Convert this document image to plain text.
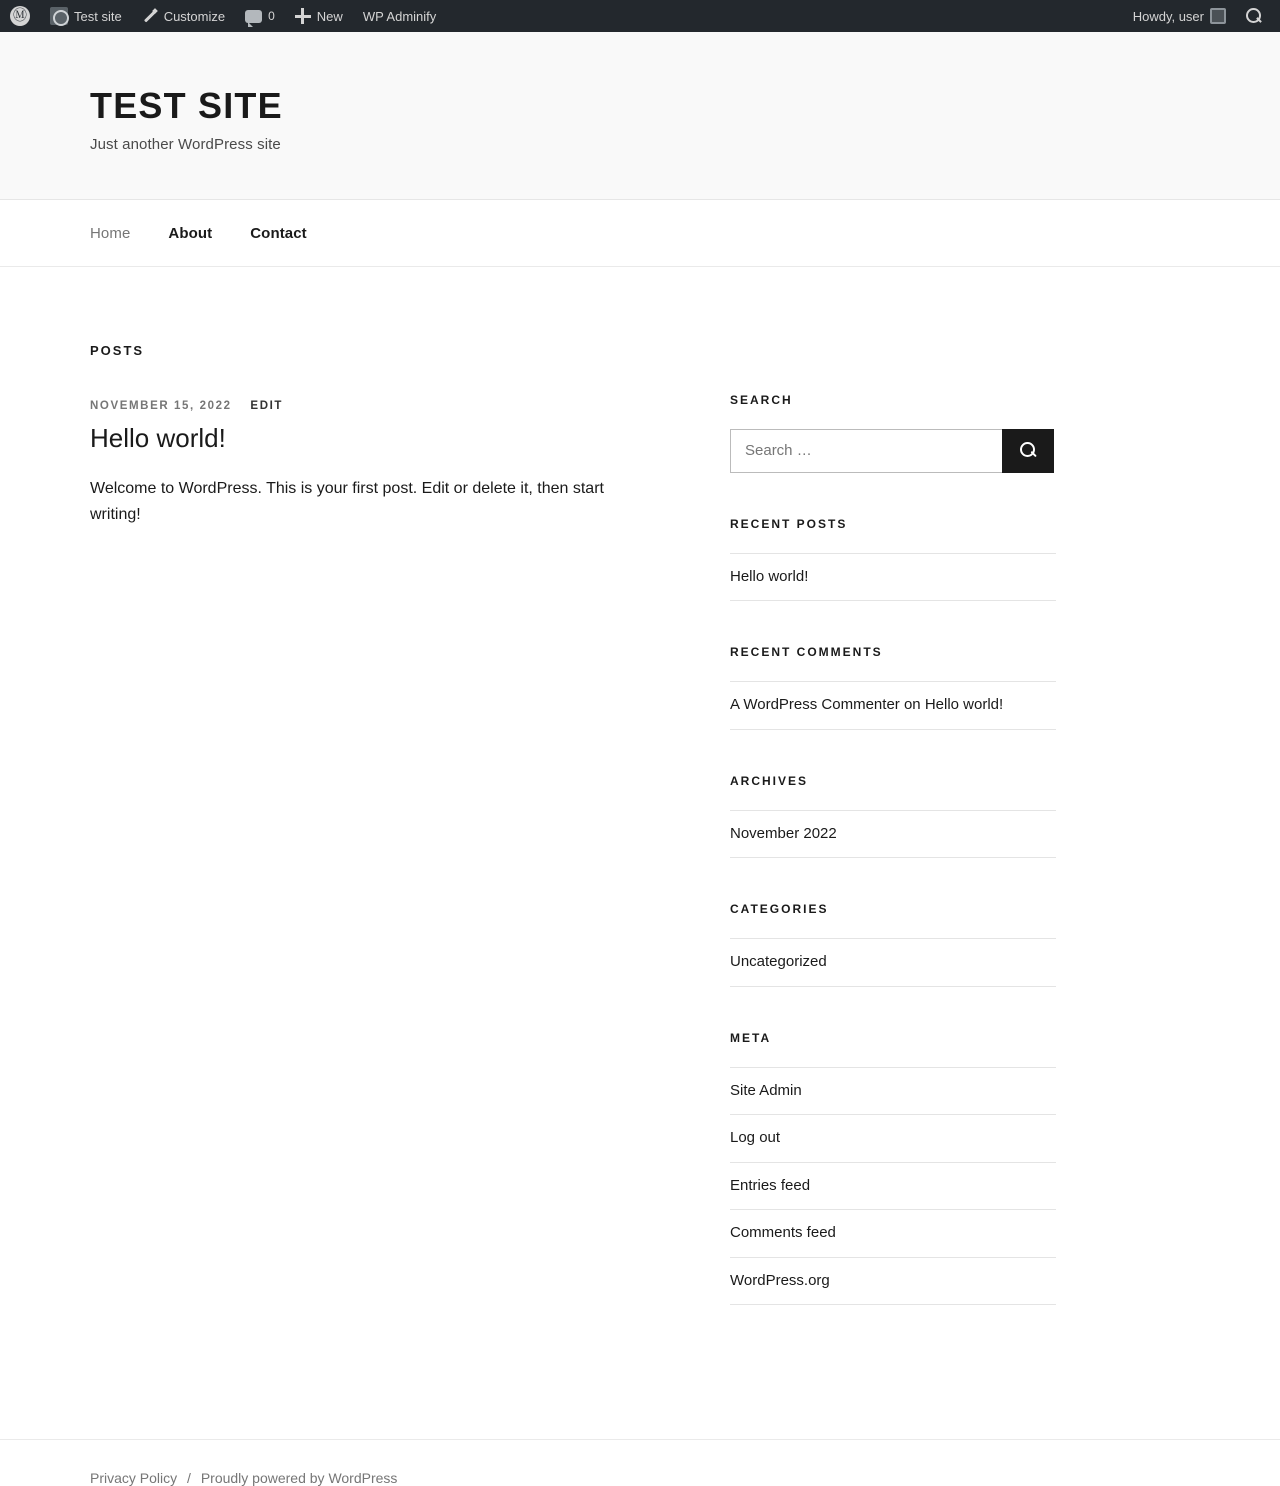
Ⓜ	Test site	Customize	0	New WP Adminify	Howdy, user
TEST SITE

Just another WordPress site

Home	About	Contact
POSTS
NOVEMBER 15, 2022 EDIT
Hello world!

Welcome to WordPress. This is your first post. Edit or delete it, then start writing!

SEARCH
Search …
RECENT POSTS
Hello world!
RECENT COMMENTS
A WordPress Commenter on Hello world!
ARCHIVES
November 2022
CATEGORIES
Uncategorized
META
Site Admin
Log out
Entries feed
Comments feed
WordPress.org
Privacy Policy / Proudly powered by WordPress
